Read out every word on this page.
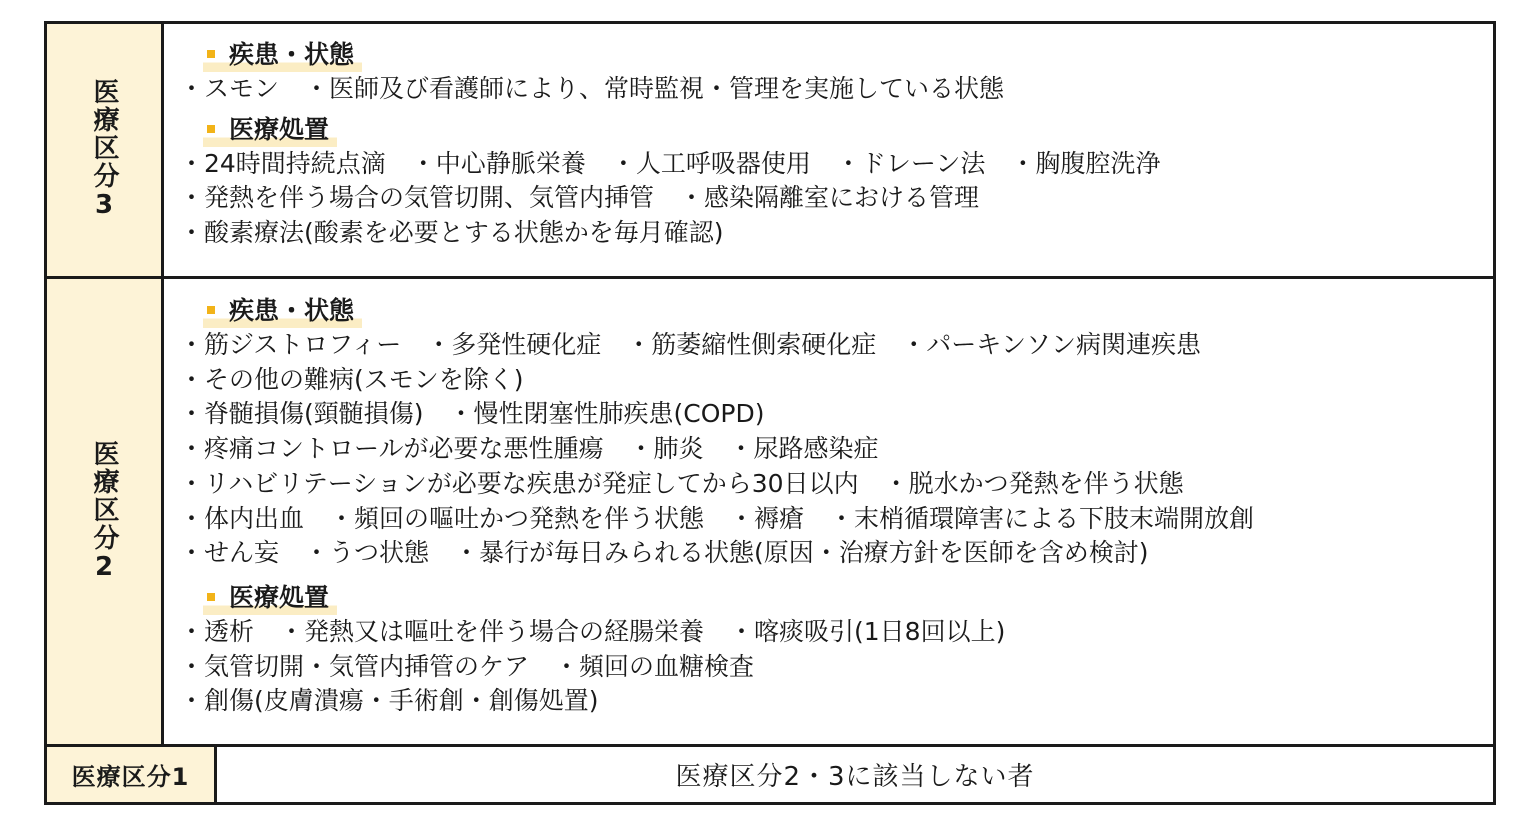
医療区分3
疾患・状態
・スモン　・医師及び看護師により、常時監視・管理を実施している状態
医療処置
・24時間持続点滴　・中心静脈栄養　・人工呼吸器使用　・ドレーン法　・胸腹腔洗浄
・発熱を伴う場合の気管切開、気管内挿管　・感染隔離室における管理
・酸素療法(酸素を必要とする状態かを毎月確認)
医療区分2
疾患・状態
・筋ジストロフィー　・多発性硬化症　・筋萎縮性側索硬化症　・パーキンソン病関連疾患
・その他の難病(スモンを除く)
・脊髄損傷(頸髄損傷)　・慢性閉塞性肺疾患(COPD)
・疼痛コントロールが必要な悪性腫瘍　・肺炎　・尿路感染症
・リハビリテーションが必要な疾患が発症してから30日以内　・脱水かつ発熱を伴う状態
・体内出血　・頻回の嘔吐かつ発熱を伴う状態　・褥瘡　・末梢循環障害による下肢末端開放創
・せん妄　・うつ状態　・暴行が毎日みられる状態(原因・治療方針を医師を含め検討)
医療処置
・透析　・発熱又は嘔吐を伴う場合の経腸栄養　・喀痰吸引(1日8回以上)
・気管切開・気管内挿管のケア　・頻回の血糖検査
・創傷(皮膚潰瘍・手術創・創傷処置)
医療区分1	医療区分2・3に該当しない者
